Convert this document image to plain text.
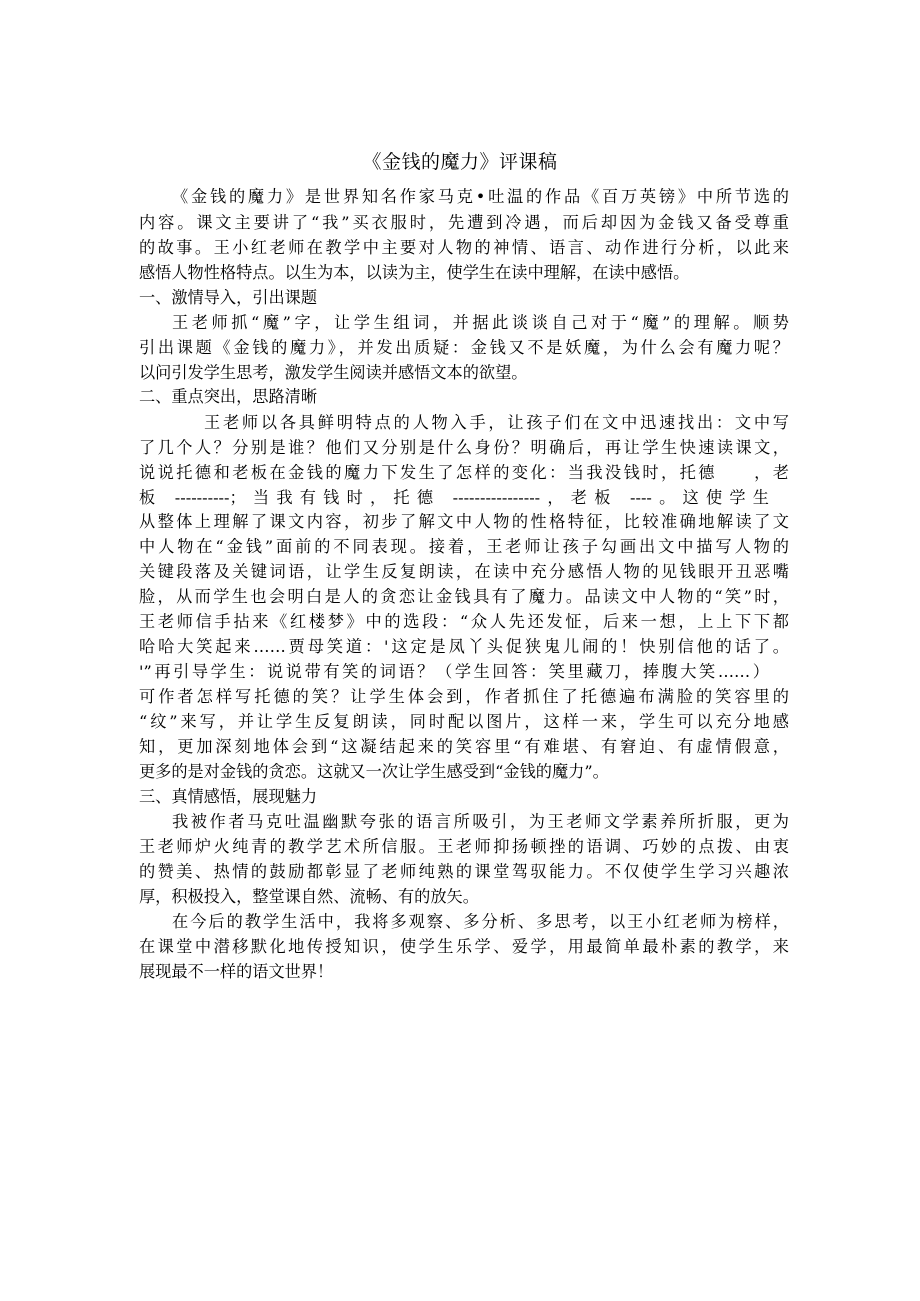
《金钱的魔力》评课稿
《金钱的魔力》是世界知名作家马克•吐温的作品《百万英镑》中所节选的
内容。课文主要讲了“我”买衣服时，先遭到冷遇，而后却因为金钱又备受尊重
的故事。王小红老师在教学中主要对人物的神情、语言、动作进行分析，以此来
感悟人物性格特点。以生为本，以读为主，使学生在读中理解，在读中感悟。
一、激情导入，引出课题
王老师抓“魔”字，让学生组词，并据此谈谈自己对于“魔”的理解。顺势
引出课题《金钱的魔力》，并发出质疑：金钱又不是妖魔，为什么会有魔力呢？
以问引发学生思考，激发学生阅读并感悟文本的欲望。
二、重点突出，思路清晰
王老师以各具鲜明特点的人物入手，让孩子们在文中迅速找出：文中写
了几个人？分别是谁？他们又分别是什么身份？明确后，再让学生快速读课文，
说说托德和老板在金钱的魔力下发生了怎样的变化：当我没钱时，托德　　，老
板 ----------；当我有钱时，托德 ----------------，老板 ----。这使学生
从整体上理解了课文内容，初步了解文中人物的性格特征，比较准确地解读了文
中人物在“金钱”面前的不同表现。接着，王老师让孩子勾画出文中描写人物的
关键段落及关键词语，让学生反复朗读，在读中充分感悟人物的见钱眼开丑恶嘴
脸，从而学生也会明白是人的贪恋让金钱具有了魔力。品读文中人物的“笑”时，
王老师信手拈来《红楼梦》中的选段：“众人先还发怔，后来一想，上上下下都
哈哈大笑起来……贾母笑道：'这定是凤丫头促狭鬼儿闹的！快别信他的话了。
'”再引导学生：说说带有笑的词语？（学生回答：笑里藏刀，捧腹大笑……）
可作者怎样写托德的笑？让学生体会到，作者抓住了托德遍布满脸的笑容里的
“纹”来写，并让学生反复朗读，同时配以图片，这样一来，学生可以充分地感
知，更加深刻地体会到“这凝结起来的笑容里“有难堪、有窘迫、有虚情假意，
更多的是对金钱的贪恋。这就又一次让学生感受到“金钱的魔力”。
三、真情感悟，展现魅力
我被作者马克吐温幽默夸张的语言所吸引，为王老师文学素养所折服，更为
王老师炉火纯青的教学艺术所信服。王老师抑扬顿挫的语调、巧妙的点拨、由衷
的赞美、热情的鼓励都彰显了老师纯熟的课堂驾驭能力。不仅使学生学习兴趣浓
厚，积极投入，整堂课自然、流畅、有的放矢。
在今后的教学生活中，我将多观察、多分析、多思考，以王小红老师为榜样，
在课堂中潜移默化地传授知识，使学生乐学、爱学，用最简单最朴素的教学，来
展现最不一样的语文世界！
